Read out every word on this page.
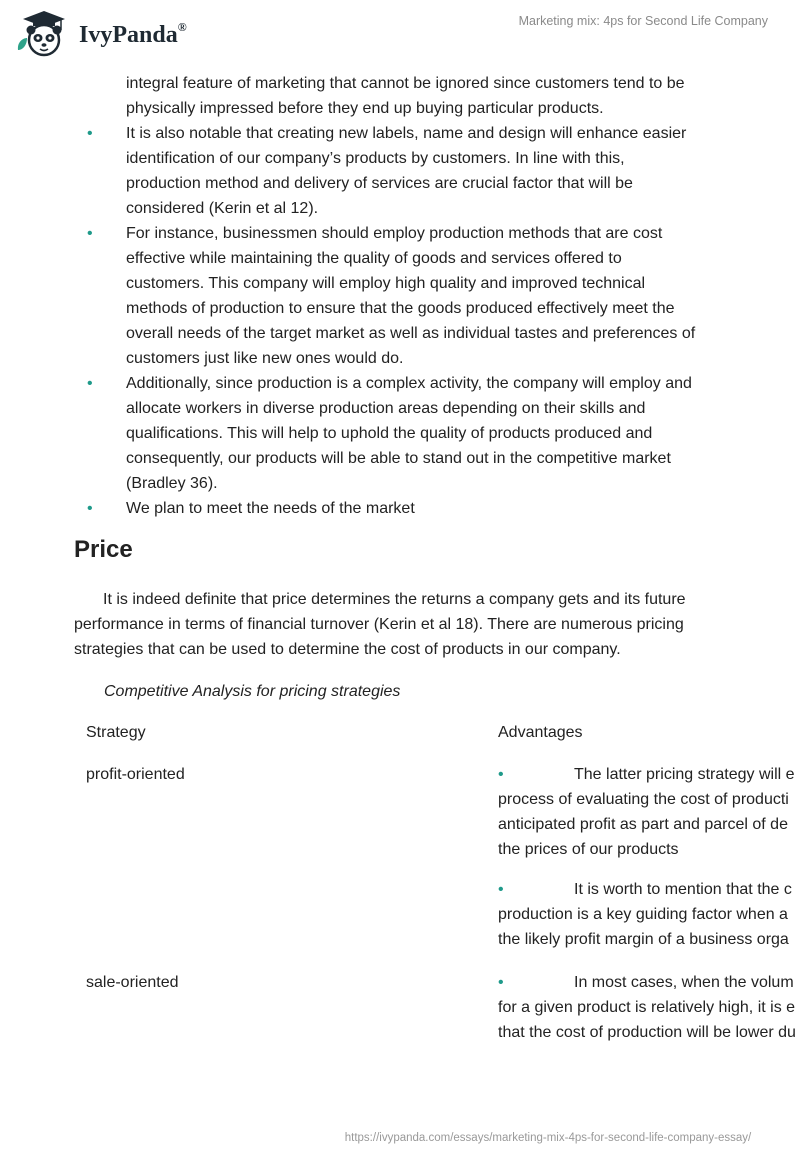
IvyPanda®	Marketing mix: 4ps for Second Life Company
integral feature of marketing that cannot be ignored since customers tend to be
physically impressed before they end up buying particular products.
• It is also notable that creating new labels, name and design will enhance easier
identification of our company’s products by customers. In line with this,
production method and delivery of services are crucial factor that will be
considered (Kerin et al 12).
• For instance, businessmen should employ production methods that are cost
effective while maintaining the quality of goods and services offered to
customers. This company will employ high quality and improved technical
methods of production to ensure that the goods produced effectively meet the
overall needs of the target market as well as individual tastes and preferences of
customers just like new ones would do.
• Additionally, since production is a complex activity, the company will employ and
allocate workers in diverse production areas depending on their skills and
qualifications. This will help to uphold the quality of products produced and
consequently, our products will be able to stand out in the competitive market
(Bradley 36).
• We plan to meet the needs of the market
Price

It is indeed definite that price determines the returns a company gets and its future performance in terms of financial turnover (Kerin et al 18). There are numerous pricing strategies that can be used to determine the cost of products in our company.

Competitive Analysis for pricing strategies

Strategy	Advantages
profit-oriented	•	The latter pricing strategy will e
process of evaluating the cost of producti
anticipated profit as part and parcel of de
the prices of our products
•	It is worth to mention that the c
production is a key guiding factor when a
the likely profit margin of a business orga
sale-oriented	•	In most cases, when the volum
for a given product is relatively high, it is e
that the cost of production will be lower du
https://ivypanda.com/essays/marketing-mix-4ps-for-second-life-company-essay/
